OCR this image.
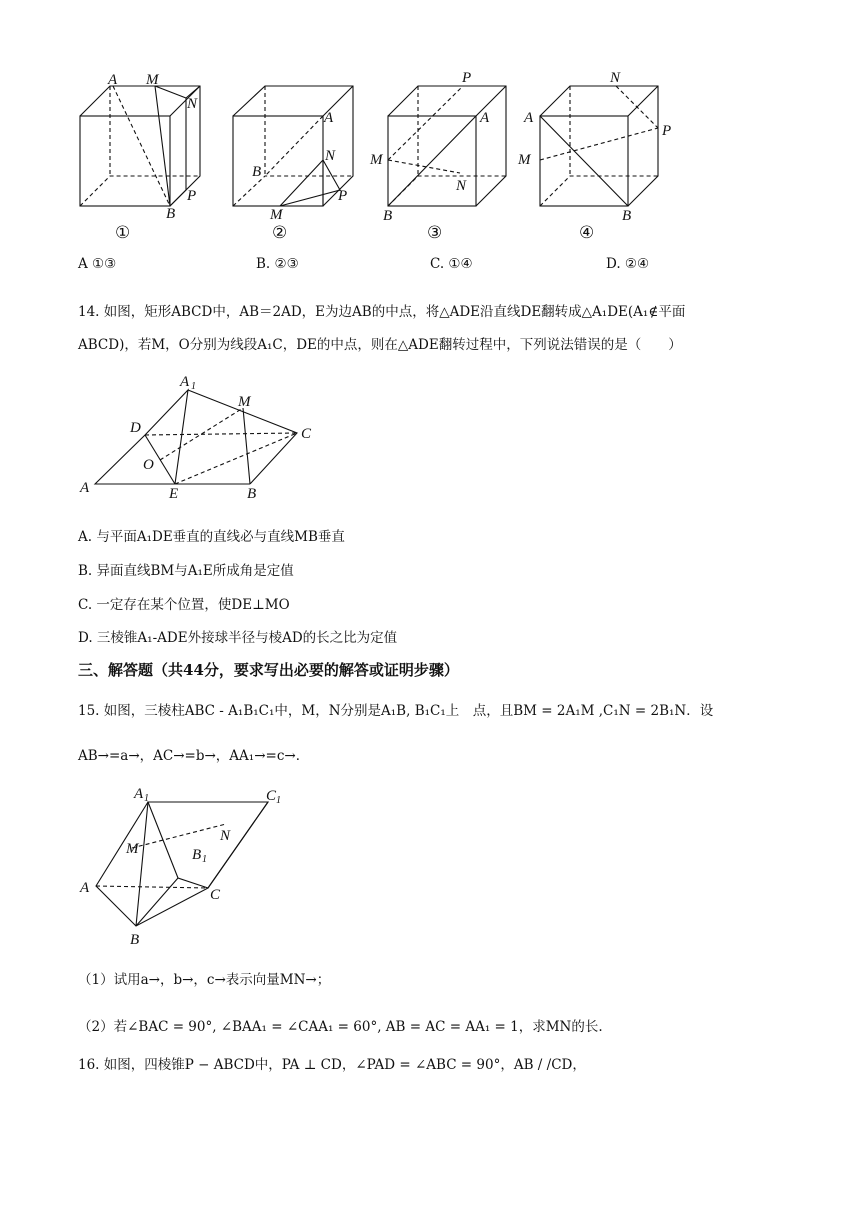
A M
N
P
B
A
N
B
P
M
P
A
M
N
B
N
A
P
M
B
①	②	③	④
A ①③	B. ②③	C. ①④	D. ②④
14. 如图，矩形ABCD中，AB＝2AD，E为边AB的中点，将△ADE沿直线DE翻转成△A₁DE(A₁∉平面
ABCD)，若M，O分别为线段A₁C，DE的中点，则在△ADE翻转过程中，下列说法错误的是（　　）
A 1
M
D	C
O
A	E	B
A. 与平面A₁DE垂直的直线必与直线MB垂直
B. 异面直线BM与A₁E所成角是定值
C. 一定存在某个位置，使DE⊥MO
D. 三棱锥A₁-ADE外接球半径与棱AD的长之比为定值
三、解答题（共44分，要求写出必要的解答或证明步骤）
15. 如图，三棱柱ABC - A₁B₁C₁中，M，N分别是A₁B, B₁C₁上　点，且BM = 2A₁M ,C₁N = 2B₁N．设
AB→=a→，AC→=b→，AA₁→=c→．
A 1	C 1
N
M	B 1
A	C
B
（1）试用a→，b→，c→表示向量MN→；
（2）若∠BAC = 90°, ∠BAA₁ = ∠CAA₁ = 60°, AB = AC = AA₁ = 1，求MN的长.
16. 如图，四棱锥P − ABCD中，PA ⊥ CD，∠PAD = ∠ABC = 90°，AB / /CD，
